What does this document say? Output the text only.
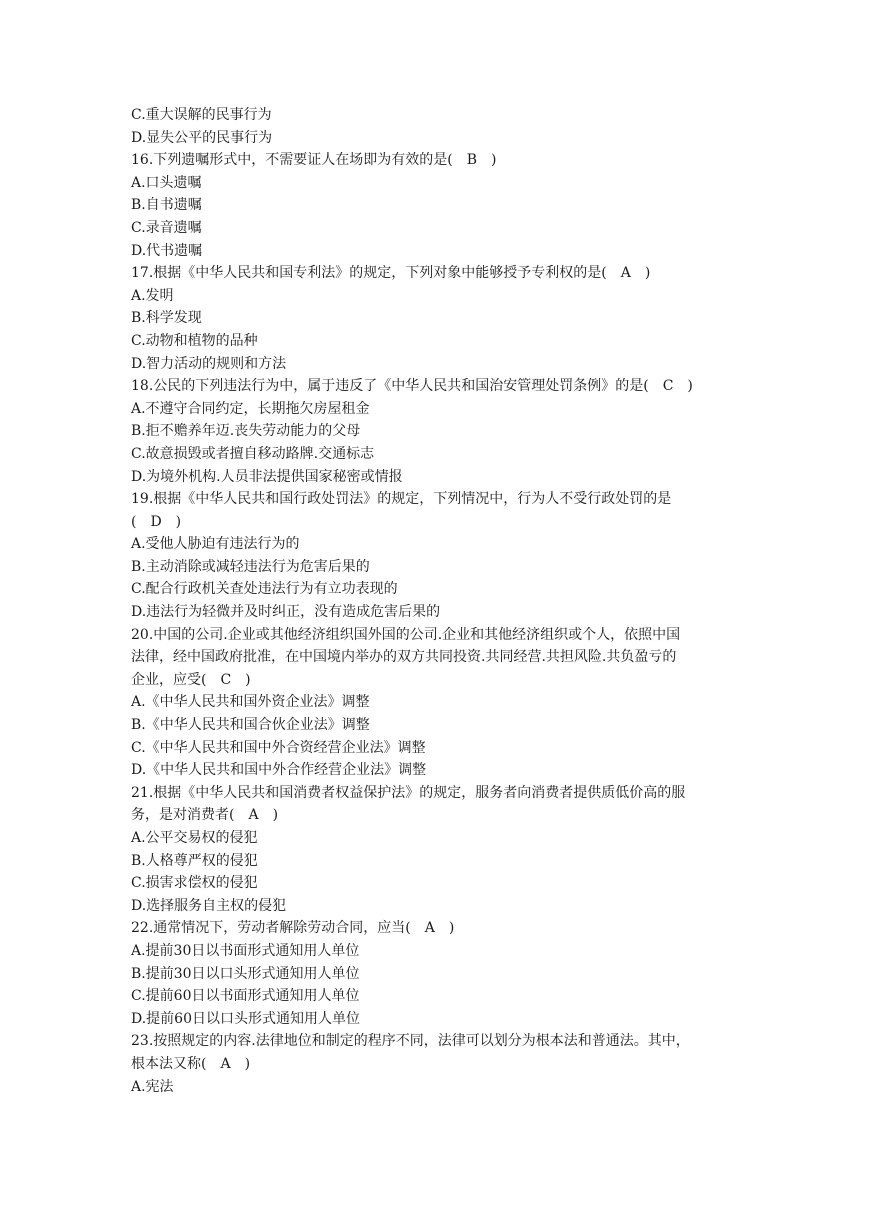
C.重大误解的民事行为
D.显失公平的民事行为
16.下列遗嘱形式中，不需要证人在场即为有效的是(　B　)
A.口头遗嘱
B.自书遗嘱
C.录音遗嘱
D.代书遗嘱
17.根据《中华人民共和国专利法》的规定，下列对象中能够授予专利权的是(　A　)
A.发明
B.科学发现
C.动物和植物的品种
D.智力活动的规则和方法
18.公民的下列违法行为中，属于违反了《中华人民共和国治安管理处罚条例》的是(　C　)
A.不遵守合同约定，长期拖欠房屋租金
B.拒不赡养年迈.丧失劳动能力的父母
C.故意损毁或者擅自移动路牌.交通标志
D.为境外机构.人员非法提供国家秘密或情报
19.根据《中华人民共和国行政处罚法》的规定，下列情况中，行为人不受行政处罚的是
(　D　)
A.受他人胁迫有违法行为的
B.主动消除或减轻违法行为危害后果的
C.配合行政机关查处违法行为有立功表现的
D.违法行为轻微并及时纠正，没有造成危害后果的
20.中国的公司.企业或其他经济组织国外国的公司.企业和其他经济组织或个人，依照中国
法律，经中国政府批准，在中国境内举办的双方共同投资.共同经营.共担风险.共负盈亏的
企业，应受(　C　)
A.《中华人民共和国外资企业法》调整
B.《中华人民共和国合伙企业法》调整
C.《中华人民共和国中外合资经营企业法》调整
D.《中华人民共和国中外合作经营企业法》调整
21.根据《中华人民共和国消费者权益保护法》的规定，服务者向消费者提供质低价高的服
务，是对消费者(　A　)
A.公平交易权的侵犯
B.人格尊严权的侵犯
C.损害求偿权的侵犯
D.选择服务自主权的侵犯
22.通常情况下，劳动者解除劳动合同，应当(　A　)
A.提前30日以书面形式通知用人单位
B.提前30日以口头形式通知用人单位
C.提前60日以书面形式通知用人单位
D.提前60日以口头形式通知用人单位
23.按照规定的内容.法律地位和制定的程序不同，法律可以划分为根本法和普通法。其中，
根本法又称(　A　)
A.宪法
